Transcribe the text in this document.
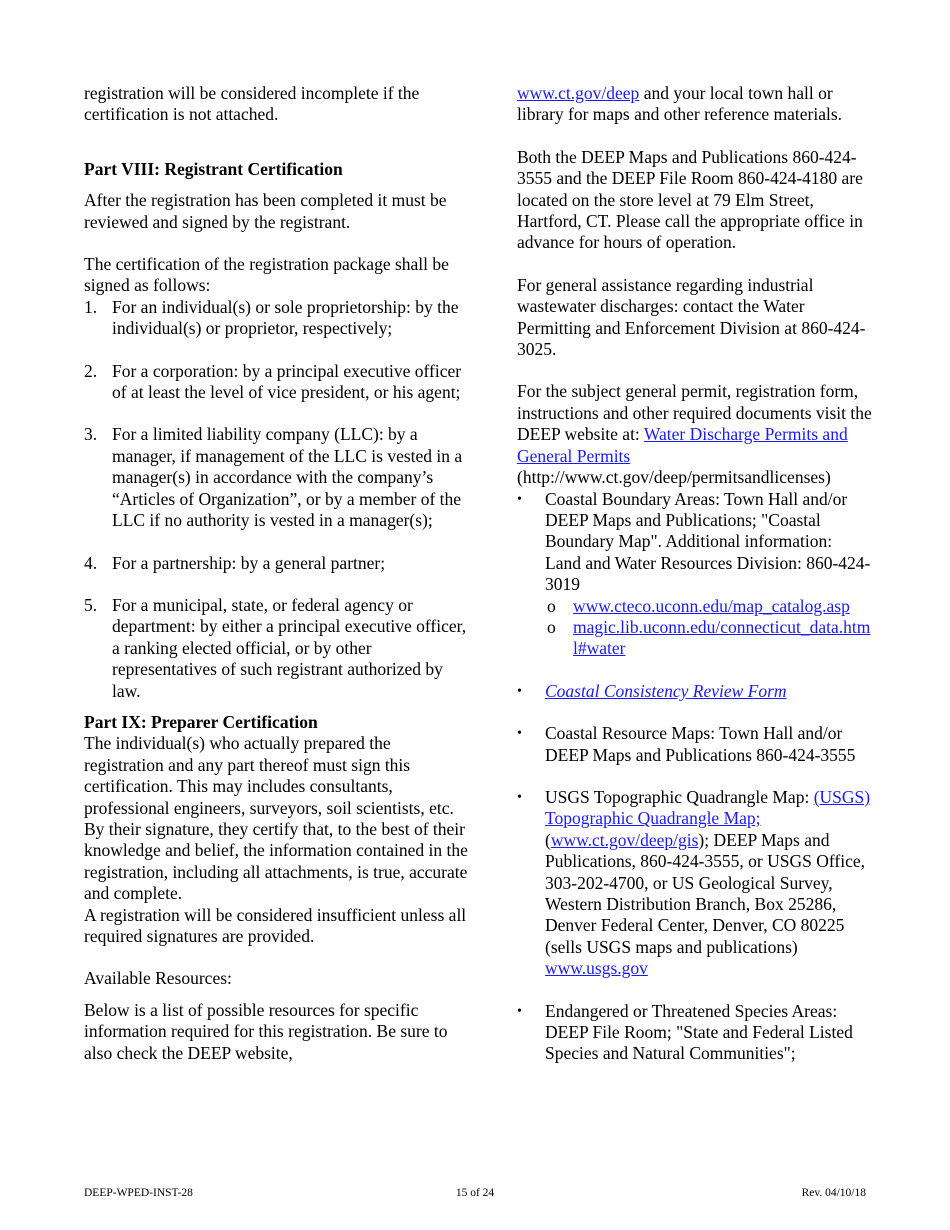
registration will be considered incomplete if the certification is not attached.

Part VIII: Registrant Certification

After the registration has been completed it must be reviewed and signed by the registrant.

The certification of the registration package shall be signed as follows:

1. For an individual(s) or sole proprietorship: by the individual(s) or proprietor, respectively;
2. For a corporation: by a principal executive officer of at least the level of vice president, or his agent;
3. For a limited liability company (LLC): by a manager, if management of the LLC is vested in a manager(s) in accordance with the company’s “Articles of Organization”, or by a member of the LLC if no authority is vested in a manager(s);
4. For a partnership: by a general partner;
5. For a municipal, state, or federal agency or department: by either a principal executive officer, a ranking elected official, or by other representatives of such registrant authorized by law.
Part IX: Preparer Certification

The individual(s) who actually prepared the registration and any part thereof must sign this certification. This may includes consultants, professional engineers, surveyors, soil scientists, etc. By their signature, they certify that, to the best of their knowledge and belief, the information contained in the registration, including all attachments, is true, accurate and complete.

A registration will be considered insufficient unless all required signatures are provided.

Available Resources:

Below is a list of possible resources for specific information required for this registration. Be sure to also check the DEEP website,

www.ct.gov/deep and your local town hall or library for maps and other reference materials.

Both the DEEP Maps and Publications 860-424-3555 and the DEEP File Room 860-424-4180 are located on the store level at 79 Elm Street, Hartford, CT. Please call the appropriate office in advance for hours of operation.

For general assistance regarding industrial wastewater discharges: contact the Water Permitting and Enforcement Division at 860-424-3025.

For the subject general permit, registration form, instructions and other required documents visit the DEEP website at: Water Discharge Permits and General Permits
(http://www.ct.gov/deep/permitsandlicenses)

• Coastal Boundary Areas: Town Hall and/or DEEP Maps and Publications; "Coastal Boundary Map". Additional information: Land and Water Resources Division: 860-424-3019
o www.cteco.uconn.edu/map_catalog.asp
o magic.lib.uconn.edu/connecticut_data.html#water
• Coastal Consistency Review Form
• Coastal Resource Maps: Town Hall and/or DEEP Maps and Publications 860-424-3555
• USGS Topographic Quadrangle Map: (USGS) Topographic Quadrangle Map; (www.ct.gov/deep/gis); DEEP Maps and Publications, 860-424-3555, or USGS Office, 303-202-4700, or US Geological Survey, Western Distribution Branch, Box 25286, Denver Federal Center, Denver, CO 80225 (sells USGS maps and publications) www.usgs.gov
• Endangered or Threatened Species Areas: DEEP File Room; "State and Federal Listed Species and Natural Communities";
DEEP-WPED-INST-28	15 of 24	Rev. 04/10/18
